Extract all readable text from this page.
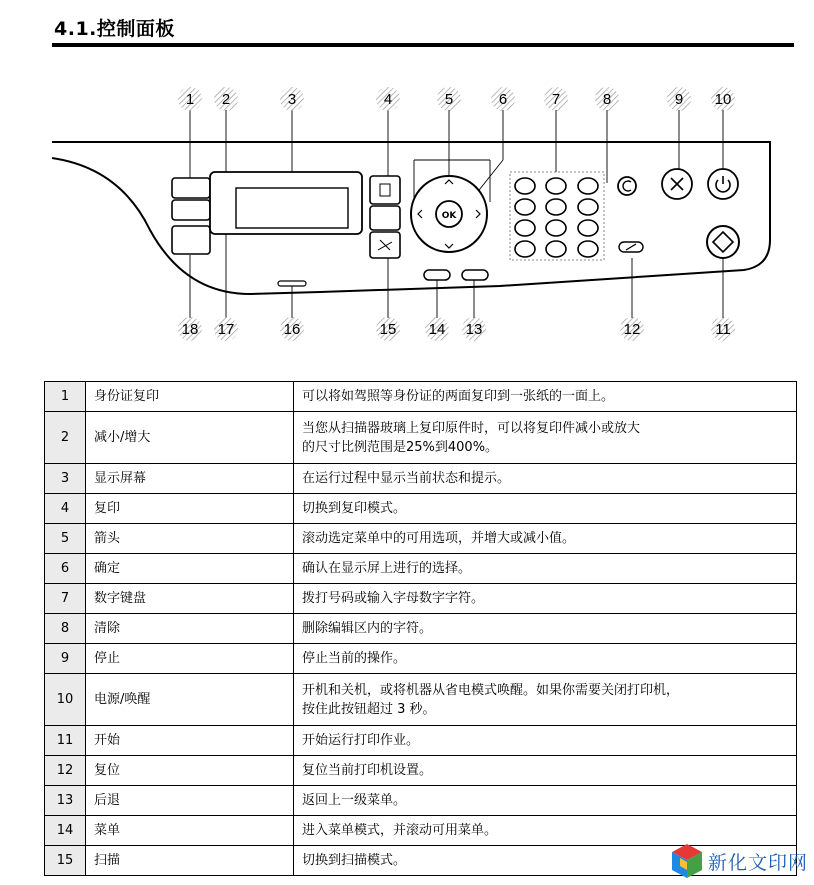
4.1.控制面板
OK
1 2	3	4	5	6	7	8	9 10
18 17	16	15 14 13	12	11
1	身份证复印	可以将如驾照等身份证的两面复印到一张纸的一面上。

2	减小/增大	当您从扫描器玻璃上复印原件时，可以将复印件减小或放大
的尺寸比例范围是25%到400%。

3	显示屏幕	在运行过程中显示当前状态和提示。

4	复印	切换到复印模式。

5	箭头	滚动选定菜单中的可用选项，并增大或减小值。

6	确定	确认在显示屏上进行的选择。

7	数字键盘	拨打号码或输入字母数字字符。

8	清除	删除编辑区内的字符。

9	停止	停止当前的操作。

10	电源/唤醒	开机和关机，或将机器从省电模式唤醒。如果你需要关闭打印机，
按住此按钮超过 3 秒。

11	开始	开始运行打印作业。

12	复位	复位当前打印机设置。

13	后退	返回上一级菜单。

14	菜单	进入菜单模式，并滚动可用菜单。

15	扫描	切换到扫描模式。	新化文印网
